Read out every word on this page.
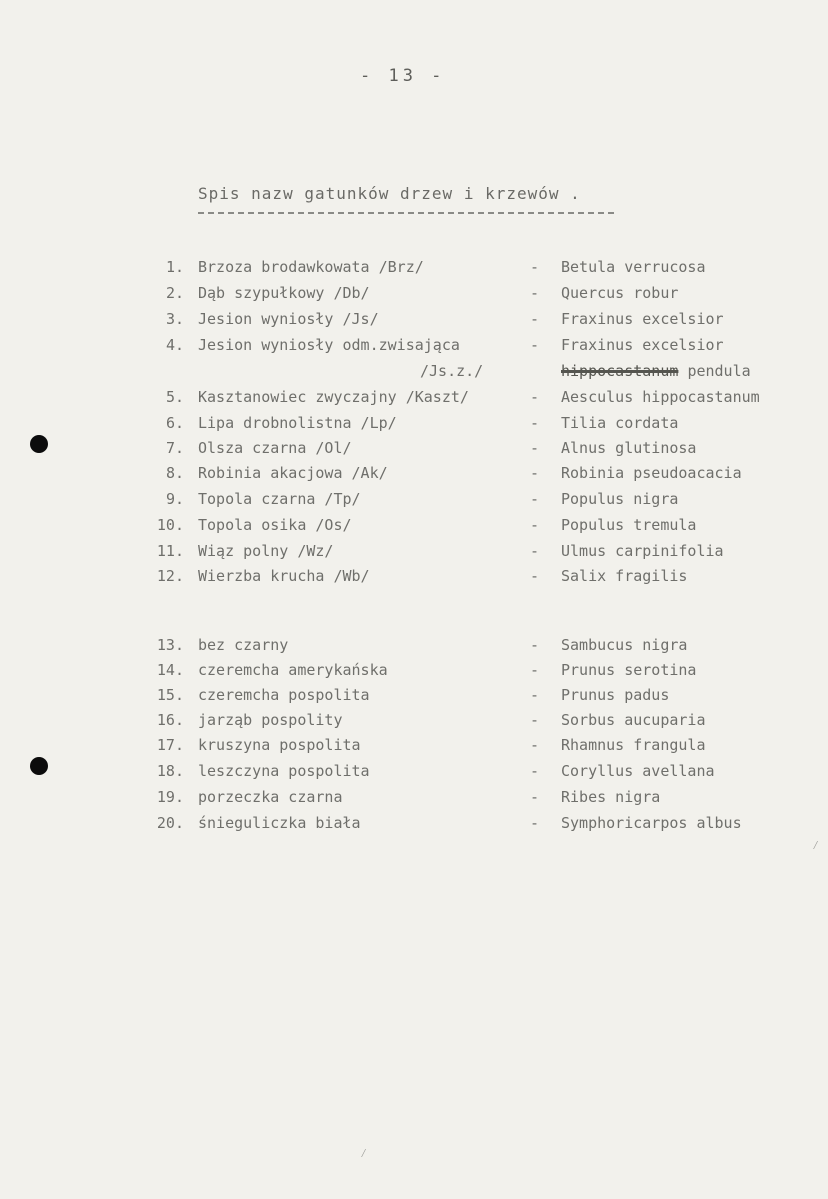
- 13 -
Spis nazw gatunków drzew i krzewów .
1. Brzoza brodawkowata /Brz/	- Betula verrucosa
2. Dąb szypułkowy /Db/	- Quercus robur
3. Jesion wyniosły /Js/	- Fraxinus excelsior
4. Jesion wyniosły odm.zwisająca	- Fraxinus excelsior
/Js.z./	hippocastanum pendula
5. Kasztanowiec zwyczajny /Kaszt/	- Aesculus hippocastanum
6. Lipa drobnolistna /Lp/	- Tilia cordata
7. Olsza czarna /Ol/	- Alnus glutinosa
8. Robinia akacjowa /Ak/	- Robinia pseudoacacia
9. Topola czarna /Tp/	- Populus nigra
10. Topola osika /Os/	- Populus tremula
11. Wiąz polny /Wz/	- Ulmus carpinifolia
12. Wierzba krucha /Wb/	- Salix fragilis
13. bez czarny	- Sambucus nigra
14. czeremcha amerykańska	- Prunus serotina
15. czeremcha pospolita	- Prunus padus
16. jarząb pospolity	- Sorbus aucuparia
17. kruszyna pospolita	- Rhamnus frangula
18. leszczyna pospolita	- Coryllus avellana
19. porzeczka czarna	- Ribes nigra
20. śnieguliczka biała	- Symphoricarpos albus
⁄
⁄
